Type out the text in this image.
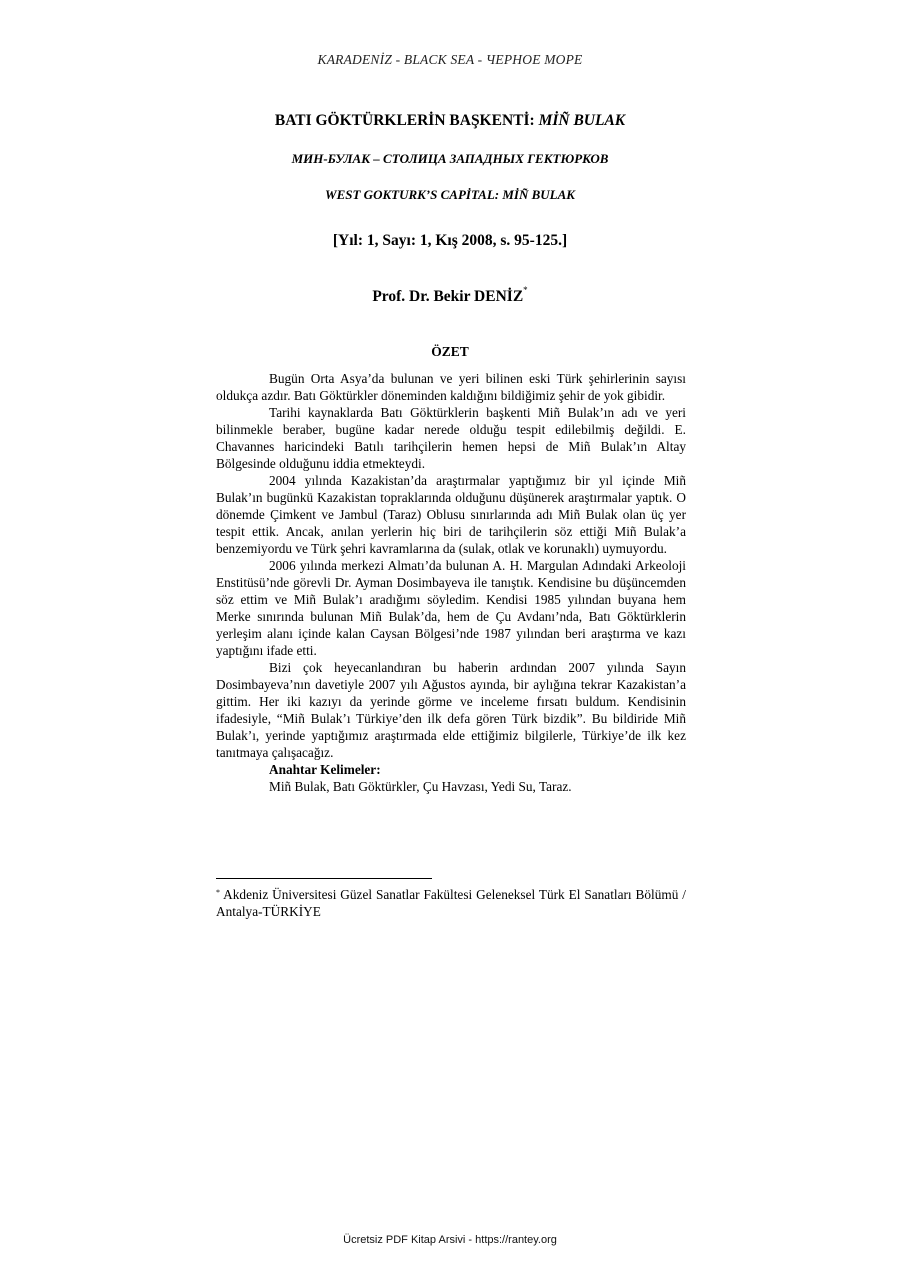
KARADENİZ - BLACK SEA - ЧЕРНОЕ МОРЕ
BATI GÖKTÜRKLERİN BAŞKENTİ: MİÑ BULAK
МИН-БУЛАК – СТОЛИЦА ЗАПАДНЫХ ГЕКТЮРКОВ
WEST GOKTURK’S CAPİTAL: MİÑ BULAK
[Yıl: 1, Sayı: 1, Kış 2008, s. 95-125.]
Prof. Dr. Bekir DENİZ*
ÖZET

Bugün Orta Asya’da bulunan ve yeri bilinen eski Türk şehirlerinin sayısı oldukça azdır. Batı Göktürkler döneminden kaldığını bildiğimiz şehir de yok gibidir.

Tarihi kaynaklarda Batı Göktürklerin başkenti Miñ Bulak’ın adı ve yeri bilinmekle beraber, bugüne kadar nerede olduğu tespit edilebilmiş değildi. E. Chavannes haricindeki Batılı tarihçilerin hemen hepsi de Miñ Bulak’ın Altay Bölgesinde olduğunu iddia etmekteydi.

2004 yılında Kazakistan’da araştırmalar yaptığımız bir yıl içinde Miñ Bulak’ın bugünkü Kazakistan topraklarında olduğunu düşünerek araştırmalar yaptık. O dönemde Çimkent ve Jambul (Taraz) Oblusu sınırlarında adı Miñ Bulak olan üç yer tespit ettik. Ancak, anılan yerlerin hiç biri de tarihçilerin söz ettiği Miñ Bulak’a benzemiyordu ve Türk şehri kavramlarına da (sulak, otlak ve korunaklı) uymuyordu.

2006 yılında merkezi Almatı’da bulunan A. H. Margulan Adındaki Arkeoloji Enstitüsü’nde görevli Dr. Ayman Dosimbayeva ile tanıştık. Kendisine bu düşüncemden söz ettim ve Miñ Bulak’ı aradığımı söyledim. Kendisi 1985 yılından buyana hem Merke sınırında bulunan Miñ Bulak’da, hem de Çu Avdanı’nda, Batı Göktürklerin yerleşim alanı içinde kalan Caysan Bölgesi’nde 1987 yılından beri araştırma ve kazı yaptığını ifade etti.

Bizi çok heyecanlandıran bu haberin ardından 2007 yılında Sayın Dosimbayeva’nın davetiyle 2007 yılı Ağustos ayında, bir aylığına tekrar Kazakistan’a gittim. Her iki kazıyı da yerinde görme ve inceleme fırsatı buldum. Kendisinin ifadesiyle, “Miñ Bulak’ı Türkiye’den ilk defa gören Türk bizdik”. Bu bildiride Miñ Bulak’ı, yerinde yaptığımız araştırmada elde ettiğimiz bilgilerle, Türkiye’de ilk kez tanıtmaya çalışacağız.

Anahtar Kelimeler:
Miñ Bulak, Batı Göktürkler, Çu Havzası, Yedi Su, Taraz.
* Akdeniz Üniversitesi Güzel Sanatlar Fakültesi Geleneksel Türk El Sanatları Bölümü / Antalya-TÜRKİYE
Ücretsiz PDF Kitap Arsivi - https://rantey.org
